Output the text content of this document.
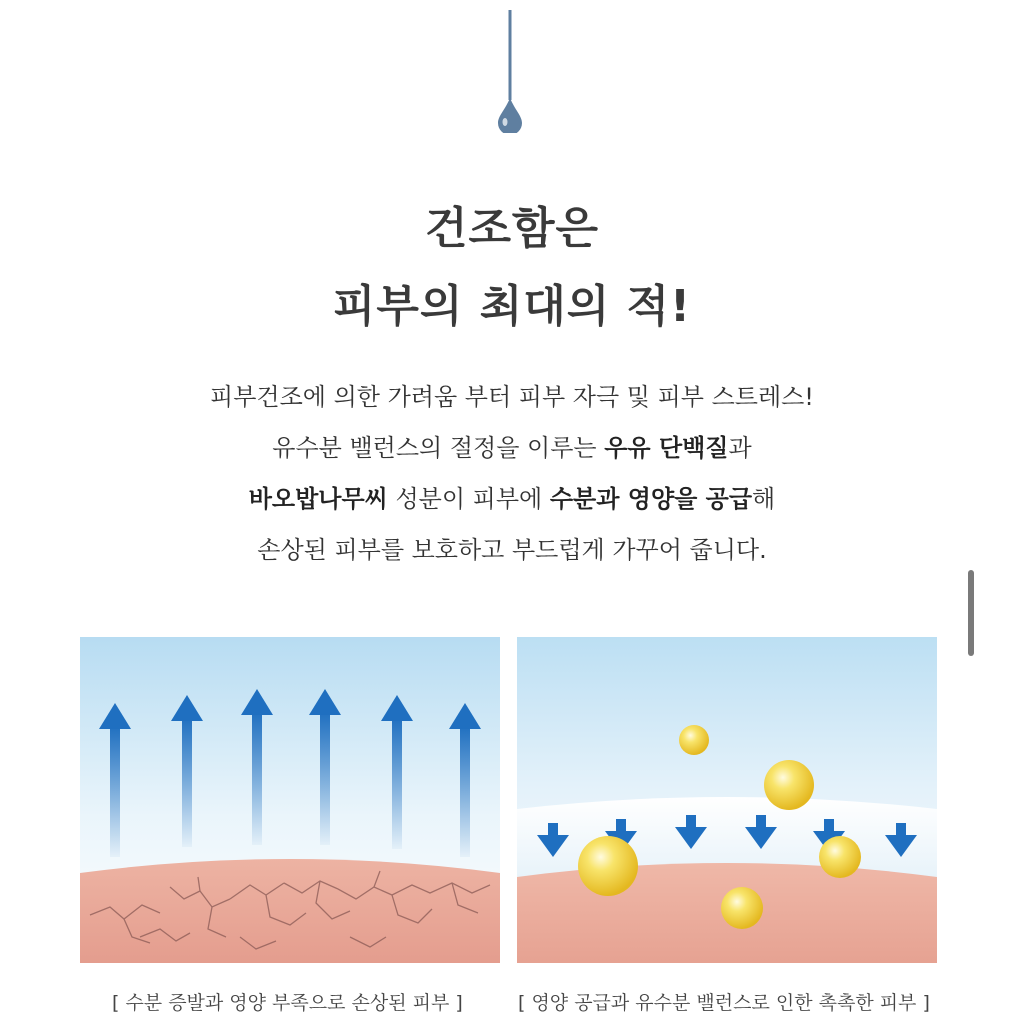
건조함은
피부의 최대의 적!
피부건조에 의한 가려움 부터 피부 자극 및 피부 스트레스!
유수분 밸런스의 절정을 이루는 우유 단백질과
바오밥나무씨 성분이 피부에 수분과 영양을 공급해
손상된 피부를 보호하고 부드럽게 가꾸어 줍니다.
[ 수분 증발과 영양 부족으로 손상된 피부 ]	[ 영양 공급과 유수분 밸런스로 인한 촉촉한 피부 ]
